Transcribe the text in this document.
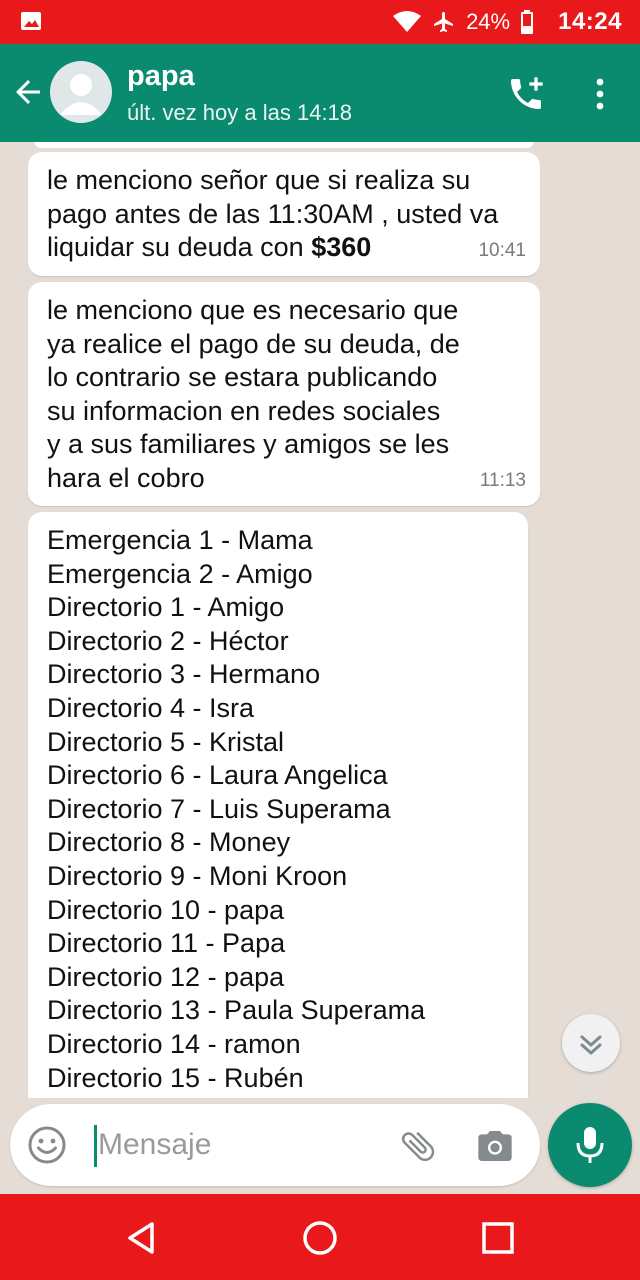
24% 14:24
papa
últ. vez hoy a las 14:18
le menciono señor que si realiza su
pago antes de las 11:30AM , usted va
liquidar su deuda con $360	10:41
le menciono que es necesario que
ya realice el pago de su deuda, de
lo contrario se estara publicando
su informacion en redes sociales
y a sus familiares y amigos se les
hara el cobro	11:13
Emergencia 1 - Mama
Emergencia 2 - Amigo
Directorio 1 - Amigo
Directorio 2 - Héctor
Directorio 3 - Hermano
Directorio 4 - Isra
Directorio 5 - Kristal
Directorio 6 - Laura Angelica
Directorio 7 - Luis Superama
Directorio 8 - Money
Directorio 9 - Moni Kroon
Directorio 10 - papa
Directorio 11 - Papa
Directorio 12 - papa
Directorio 13 - Paula Superama
Directorio 14 - ramon
Directorio 15 - Rubén
Mensaje
